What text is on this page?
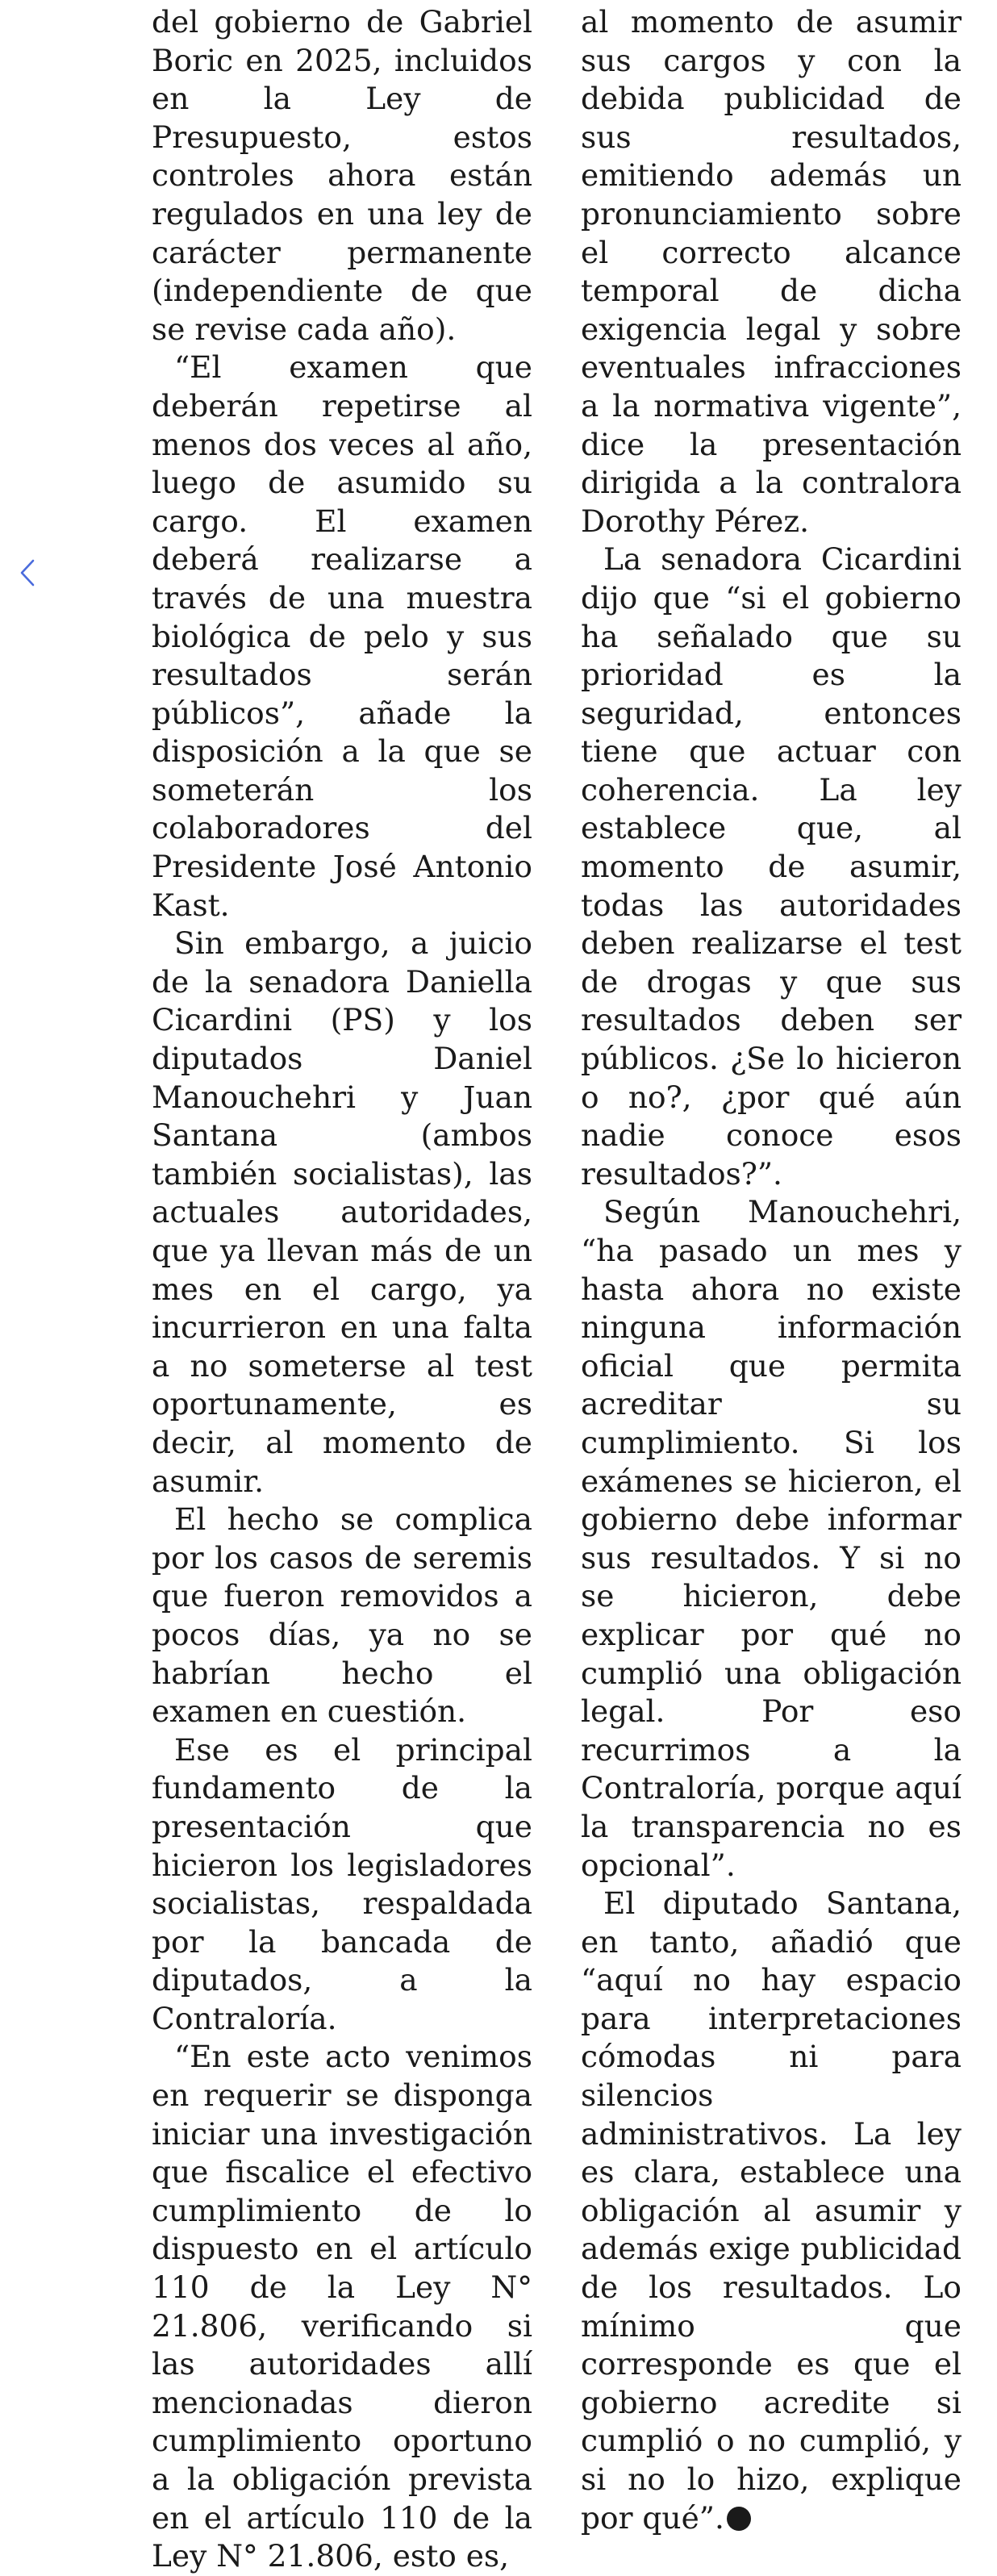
del gobierno de Gabriel Boric en 2025, incluidos en la Ley de Presupuesto, estos controles ahora están regulados en una ley de carácter permanente (independiente de que se revise cada año).

“El examen que deberán repetirse al menos dos veces al año, luego de asumido su cargo. El examen deberá realizarse a través de una muestra biológica de pelo y sus resultados serán públicos”, añade la disposición a la que se someterán los colaboradores del Presidente José Antonio Kast.

Sin embargo, a juicio de la senadora Daniella Cicardini (PS) y los diputados Daniel Manouchehri y Juan Santana (ambos también socialistas), las actuales autoridades, que ya llevan más de un mes en el cargo, ya incurrieron en una falta a no someterse al test oportunamente, es decir, al momento de asumir.

El hecho se complica por los casos de seremis que fueron removidos a pocos días, ya no se habrían hecho el examen en cuestión.

Ese es el principal fundamento de la presentación que hicieron los legisladores socialistas, respaldada por la bancada de diputados, a la Contraloría.

“En este acto venimos en requerir se disponga iniciar una investigación que fiscalice el efectivo cumplimiento de lo dispuesto en el artículo 110 de la Ley N° 21.806, verificando si las autoridades allí mencionadas dieron cumplimiento oportuno a la obligación prevista en el artículo 110 de la Ley N° 21.806, esto es,

al momento de asumir sus cargos y con la debida publicidad de sus resultados, emitiendo además un pronunciamiento sobre el correcto alcance temporal de dicha exigencia legal y sobre eventuales infracciones a la normativa vigente”, dice la presentación dirigida a la contralora Dorothy Pérez.

La senadora Cicardini dijo que “si el gobierno ha señalado que su prioridad es la seguridad, entonces tiene que actuar con coherencia. La ley establece que, al momento de asumir, todas las autoridades deben realizarse el test de drogas y que sus resultados deben ser públicos. ¿Se lo hicieron o no?, ¿por qué aún nadie conoce esos resultados?”.

Según Manouchehri, “ha pasado un mes y hasta ahora no existe ninguna información oficial que permita acreditar su cumplimiento. Si los exámenes se hicieron, el gobierno debe informar sus resultados. Y si no se hicieron, debe explicar por qué no cumplió una obligación legal. Por eso recurrimos a la Contraloría, porque aquí la transparencia no es opcional”.

El diputado Santana, en tanto, añadió que “aquí no hay espacio para interpretaciones cómodas ni para silencios administrativos. La ley es clara, establece una obligación al asumir y además exige publicidad de los resultados. Lo mínimo que corresponde es que el gobierno acredite si cumplió o no cumplió, y si no lo hizo, explique por qué”.
